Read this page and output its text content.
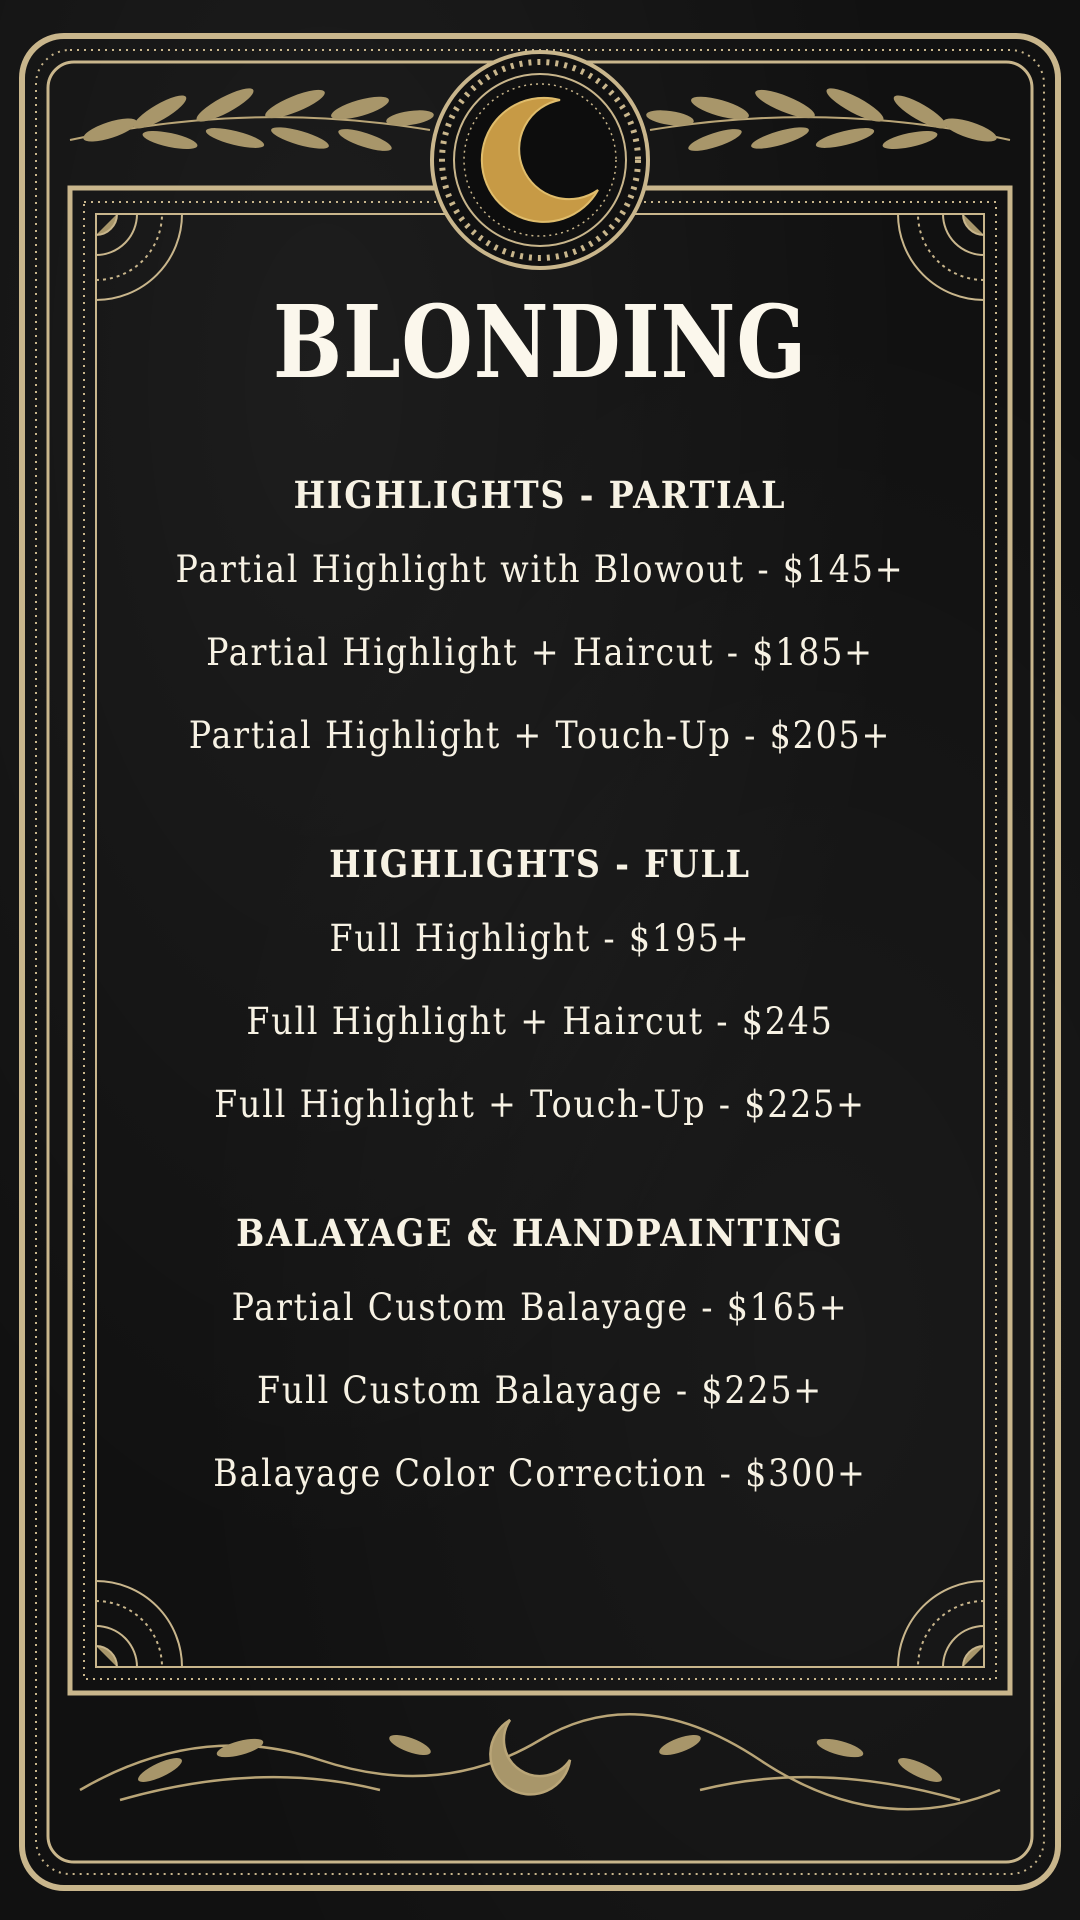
BLONDING
HIGHLIGHTS - PARTIAL
Partial Highlight with Blowout - $145+
Partial Highlight + Haircut - $185+
Partial Highlight + Touch-Up - $205+
HIGHLIGHTS - FULL
Full Highlight - $195+
Full Highlight + Haircut - $245
Full Highlight + Touch-Up - $225+
BALAYAGE & HANDPAINTING
Partial Custom Balayage - $165+
Full Custom Balayage - $225+
Balayage Color Correction - $300+
